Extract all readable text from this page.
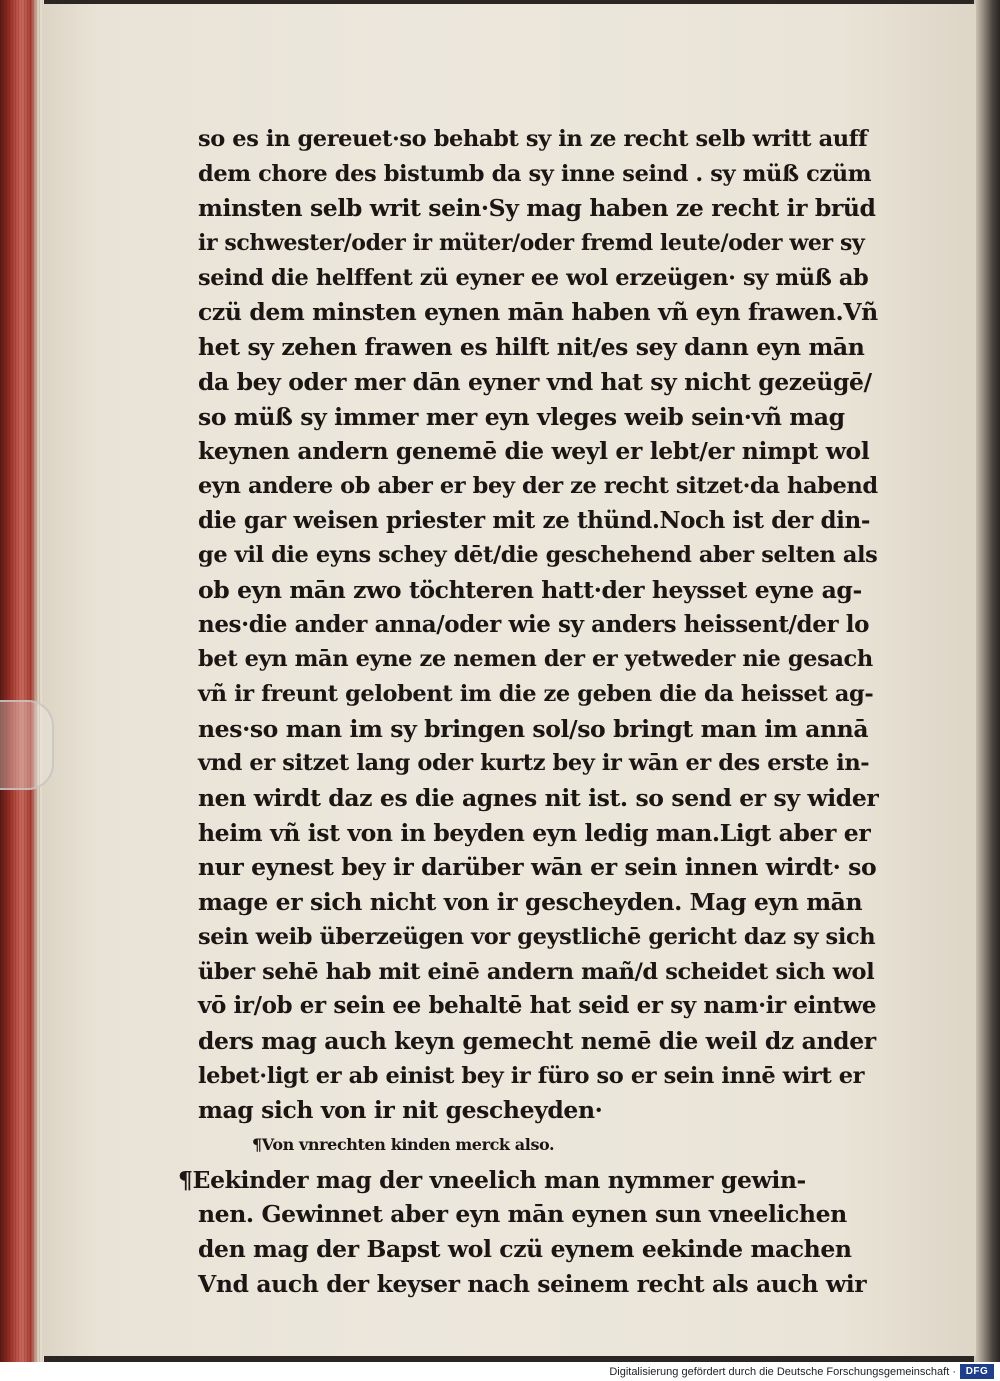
so es in gereuet·so behabt sy in ze recht selb writt auff
dem chore des bistumb da sy inne seind . sy müß czüm
minsten selb writ sein·Sy mag haben ze recht ir brüd
ir schwester/oder ir müter/oder fremd leute/oder wer sy
seind die helffent zü eyner ee wol erzeügen· sy müß ab
czü dem minsten eynen mān haben vñ eyn frawen.Vñ
het sy zehen frawen es hilft nit/es sey dann eyn mān
da bey oder mer dān eyner vnd hat sy nicht gezeügē/
so müß sy immer mer eyn vleges weib sein·vñ mag
keynen andern genemē die weyl er lebt/er nimpt wol
eyn andere ob aber er bey der ze recht sitzet·da habend
die gar weisen priester mit ze thünd.Noch ist der din-
ge vil die eyns schey dēt/die geschehend aber selten als
ob eyn mān zwo töchteren hatt·der heysset eyne ag-
nes·die ander anna/oder wie sy anders heissent/der lo
bet eyn mān eyne ze nemen der er yetweder nie gesach
vñ ir freunt gelobent im die ze geben die da heisset ag-
nes·so man im sy bringen sol/so bringt man im annā
vnd er sitzet lang oder kurtz bey ir wān er des erste in-
nen wirdt daz es die agnes nit ist. so send er sy wider
heim vñ ist von in beyden eyn ledig man.Ligt aber er
nur eynest bey ir darüber wān er sein innen wirdt· so
mage er sich nicht von ir gescheyden. Mag eyn mān
sein weib überzeügen vor geystlichē gericht daz sy sich
über sehē hab mit einē andern mañ/d scheidet sich wol
vō ir/ob er sein ee behaltē hat seid er sy nam·ir eintwe
ders mag auch keyn gemecht nemē die weil dz ander
lebet·ligt er ab einist bey ir füro so er sein innē wirt er
mag sich von ir nit gescheyden·
¶Von vnrechten kinden merck also.
¶Eekinder mag der vneelich man nymmer gewin-
nen. Gewinnet aber eyn mān eynen sun vneelichen
den mag der Bapst wol czü eynem eekinde machen
Vnd auch der keyser nach seinem recht als auch wir
Digitalisierung gefördert durch die Deutsche Forschungsgemeinschaft · DFG
